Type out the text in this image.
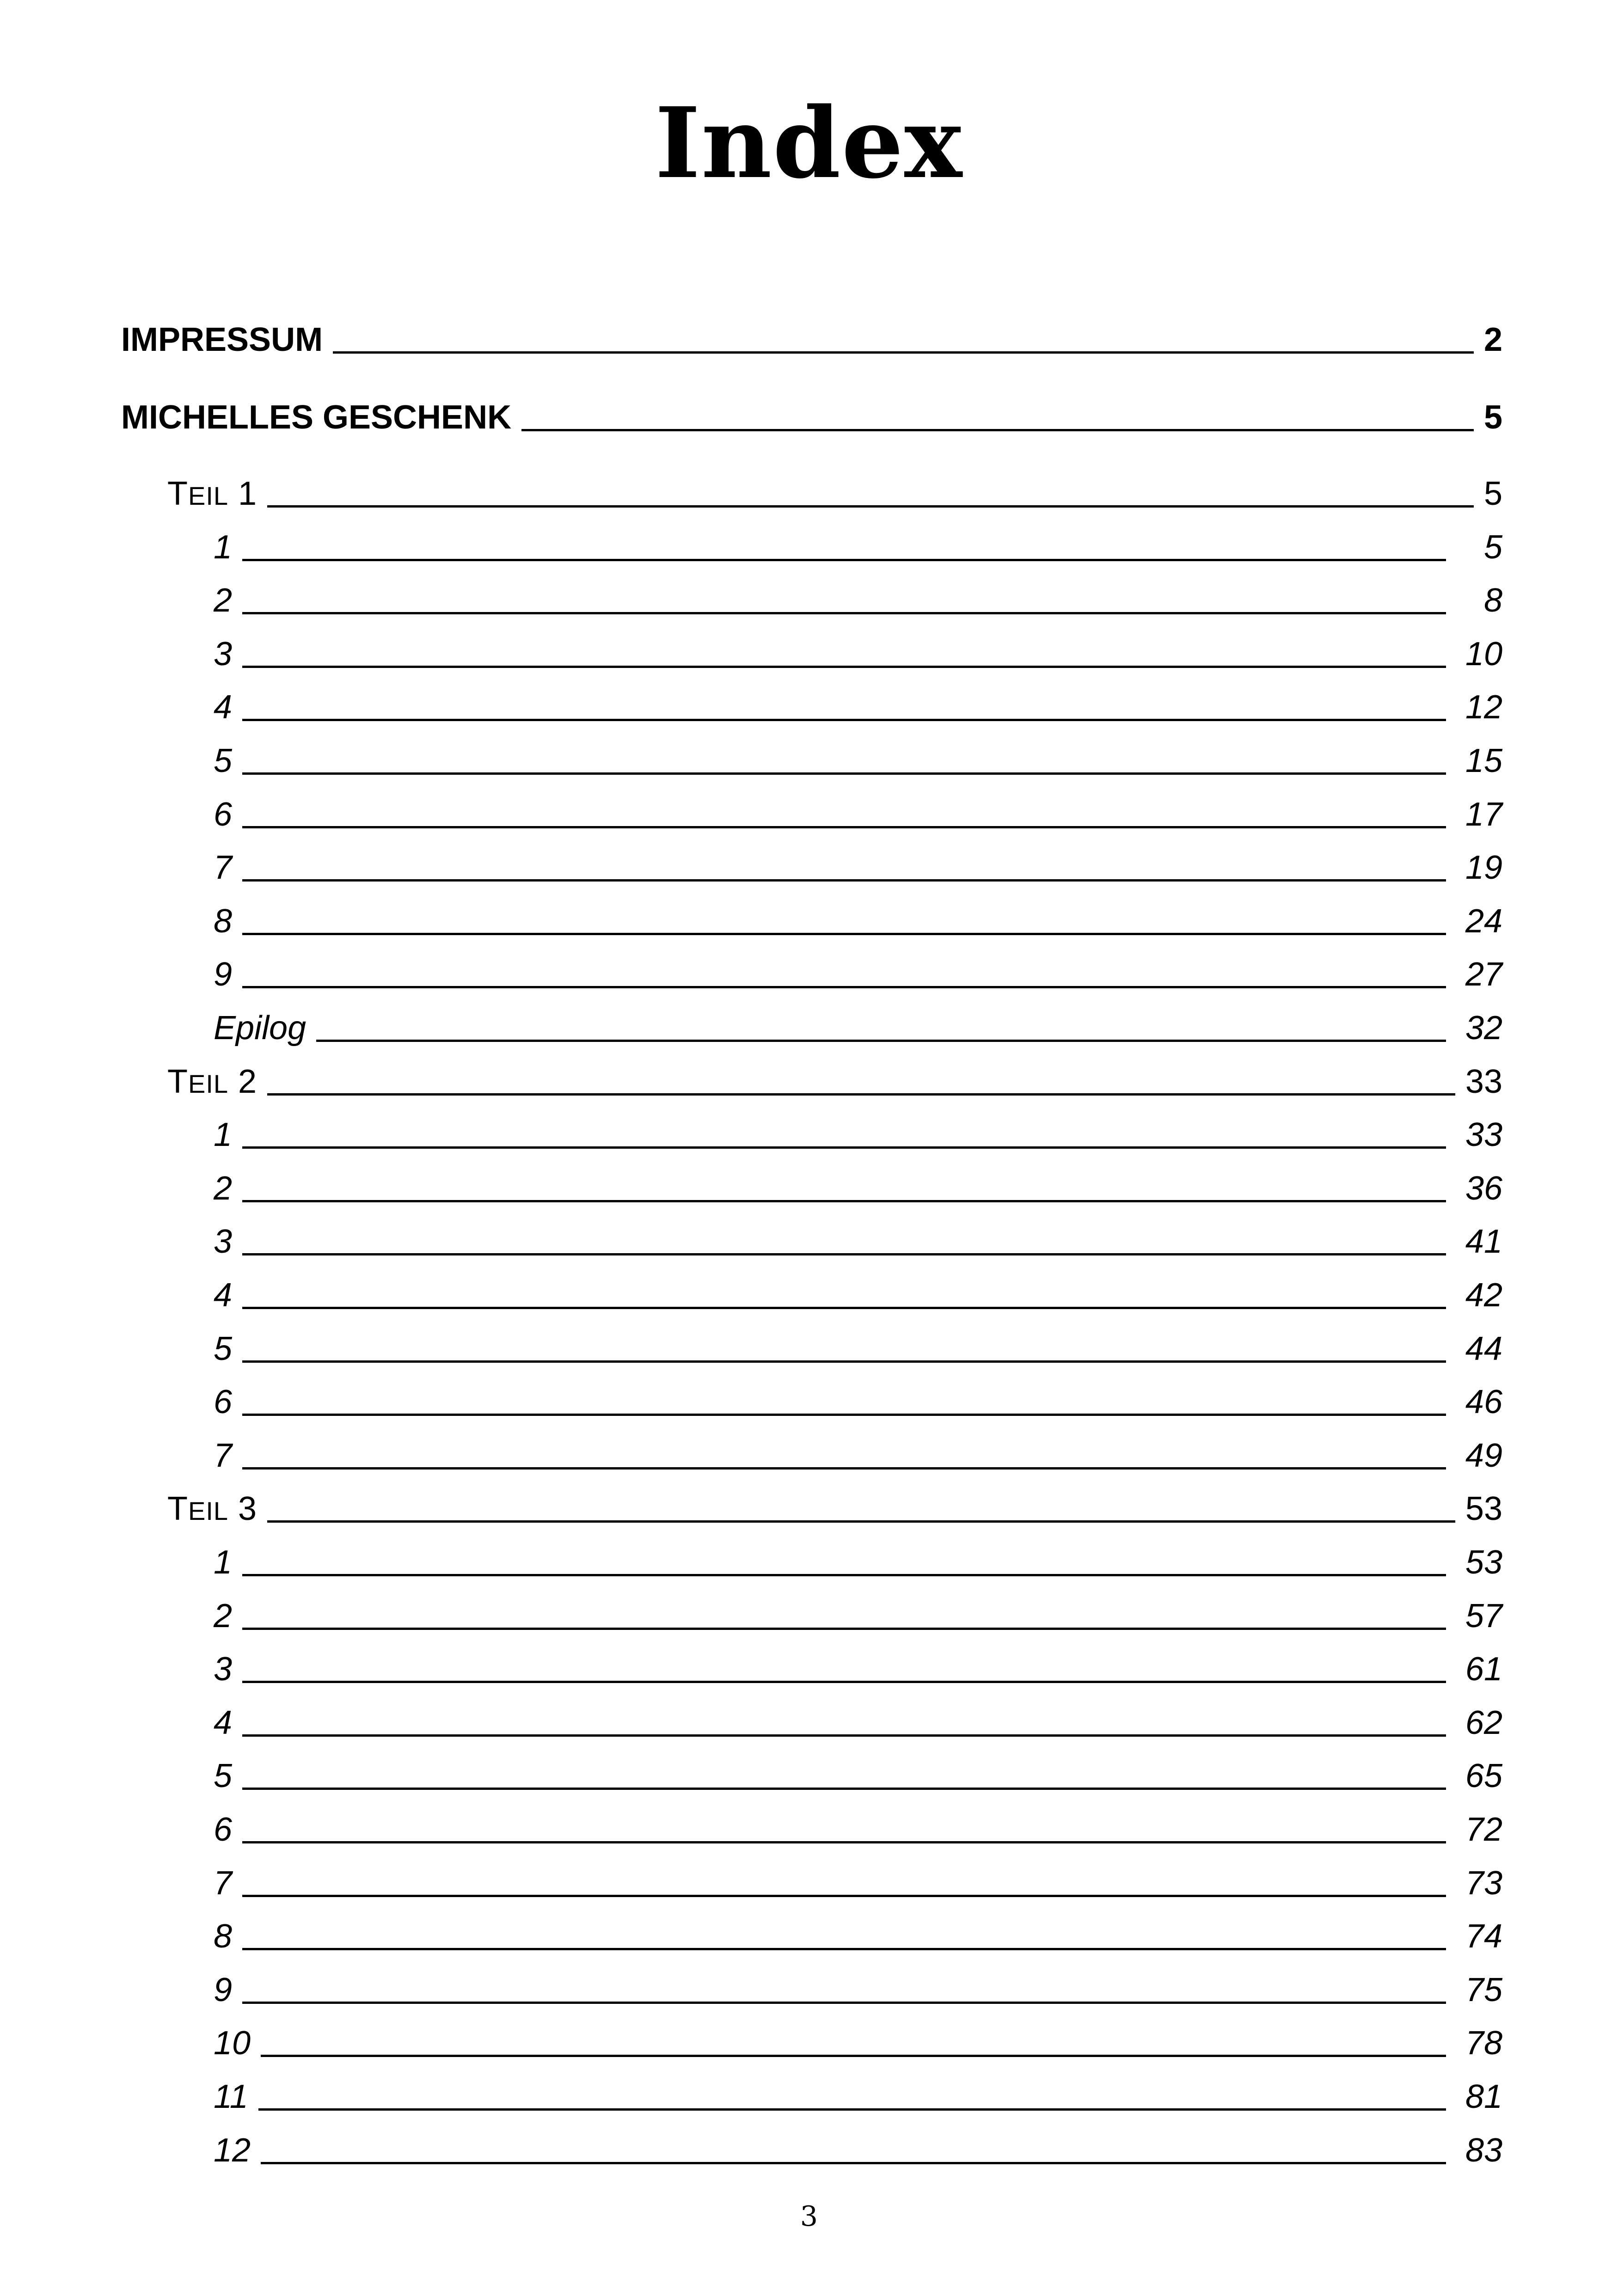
Index
IMPRESSUM	2
MICHELLES GESCHENK	5
TEIL 1	5
1	5
2	8
3	10
4	12
5	15
6	17
7	19
8	24
9	27
Epilog	32
TEIL 2	33
1	33
2	36
3	41
4	42
5	44
6	46
7	49
TEIL 3	53
1	53
2	57
3	61
4	62
5	65
6	72
7	73
8	74
9	75
10	78
11	81
12	83
3
